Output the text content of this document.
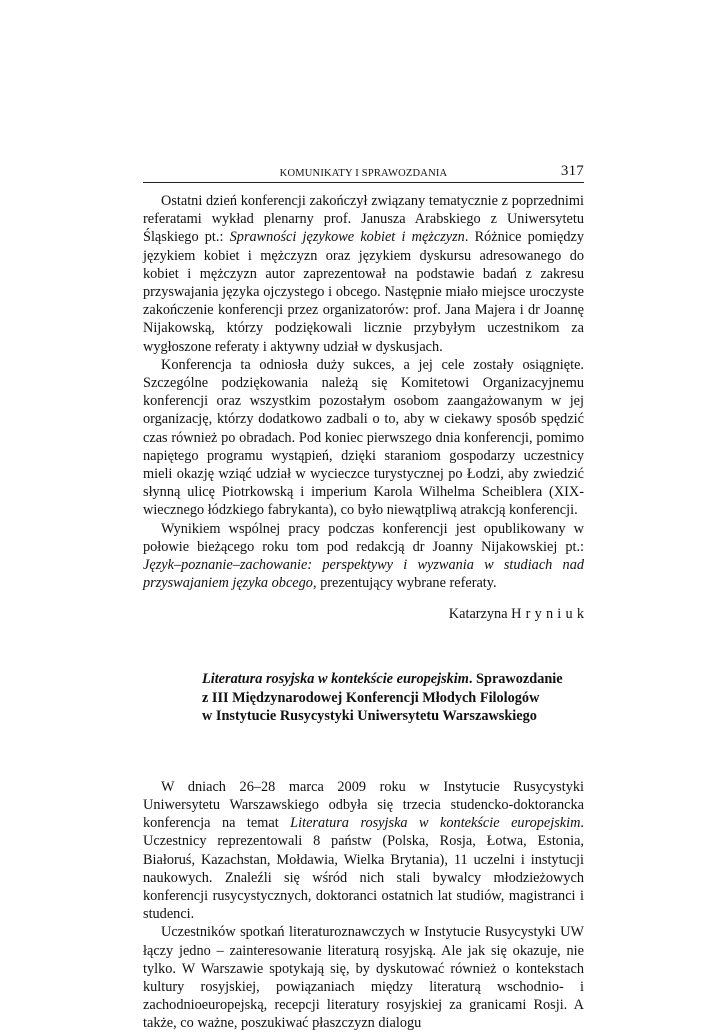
KOMUNIKATY I SPRAWOZDANIA	317

Ostatni dzień konferencji zakończył związany tematycznie z poprzednimi referatami wykład plenarny prof. Janusza Arabskiego z Uniwersytetu Śląskiego pt.: Sprawności językowe kobiet i mężczyzn. Różnice pomiędzy językiem kobiet i mężczyzn oraz językiem dyskursu adresowanego do kobiet i mężczyzn autor zaprezentował na podstawie badań z zakresu przyswajania języka ojczystego i obcego. Następnie miało miejsce uroczyste zakończenie konferencji przez organizatorów: prof. Jana Majera i dr Joannę Nijakowską, którzy podziękowali licznie przybyłym uczestnikom za wygłoszone referaty i aktywny udział w dyskusjach.

Konferencja ta odniosła duży sukces, a jej cele zostały osiągnięte. Szczególne podziękowania należą się Komitetowi Organizacyjnemu konferencji oraz wszystkim pozostałym osobom zaangażowanym w jej organizację, którzy dodatkowo zadbali o to, aby w ciekawy sposób spędzić czas również po obradach. Pod koniec pierwszego dnia konferencji, pomimo napiętego programu wystąpień, dzięki staraniom gospodarzy uczestnicy mieli okazję wziąć udział w wycieczce turystycznej po Łodzi, aby zwiedzić słynną ulicę Piotrkowską i imperium Karola Wilhelma Scheiblera (XIX-wiecznego łódzkiego fabrykanta), co było niewątpliwą atrakcją konferencji.

Wynikiem wspólnej pracy podczas konferencji jest opublikowany w połowie bieżącego roku tom pod redakcją dr Joanny Nijakowskiej pt.: Język–poznanie–zachowanie: perspektywy i wyzwania w studiach nad przyswajaniem języka obcego, prezentujący wybrane referaty.

Katarzyna Hryniuk
Literatura rosyjska w kontekście europejskim. Sprawozdanie
z III Międzynarodowej Konferencji Młodych Filologów
w Instytucie Rusycystyki Uniwersytetu Warszawskiego

W dniach 26–28 marca 2009 roku w Instytucie Rusycystyki Uniwersytetu Warszawskiego odbyła się trzecia studencko-doktorancka konferencja na temat Literatura rosyjska w kontekście europejskim. Uczestnicy reprezentowali 8 państw (Polska, Rosja, Łotwa, Estonia, Białoruś, Kazachstan, Mołdawia, Wielka Brytania), 11 uczelni i instytucji naukowych. Znaleźli się wśród nich stali bywalcy młodzieżowych konferencji rusycystycznych, doktoranci ostatnich lat studiów, magistranci i studenci.

Uczestników spotkań literaturoznawczych w Instytucie Rusycystyki UW łączy jedno – zainteresowanie literaturą rosyjską. Ale jak się okazuje, nie tylko. W Warszawie spotykają się, by dyskutować również o kontekstach kultury rosyjskiej, powiązaniach między literaturą wschodnio- i zachodnioeuropejską, recepcji literatury rosyjskiej za granicami Rosji. A także, co ważne, poszukiwać płaszczyzn dialogu
